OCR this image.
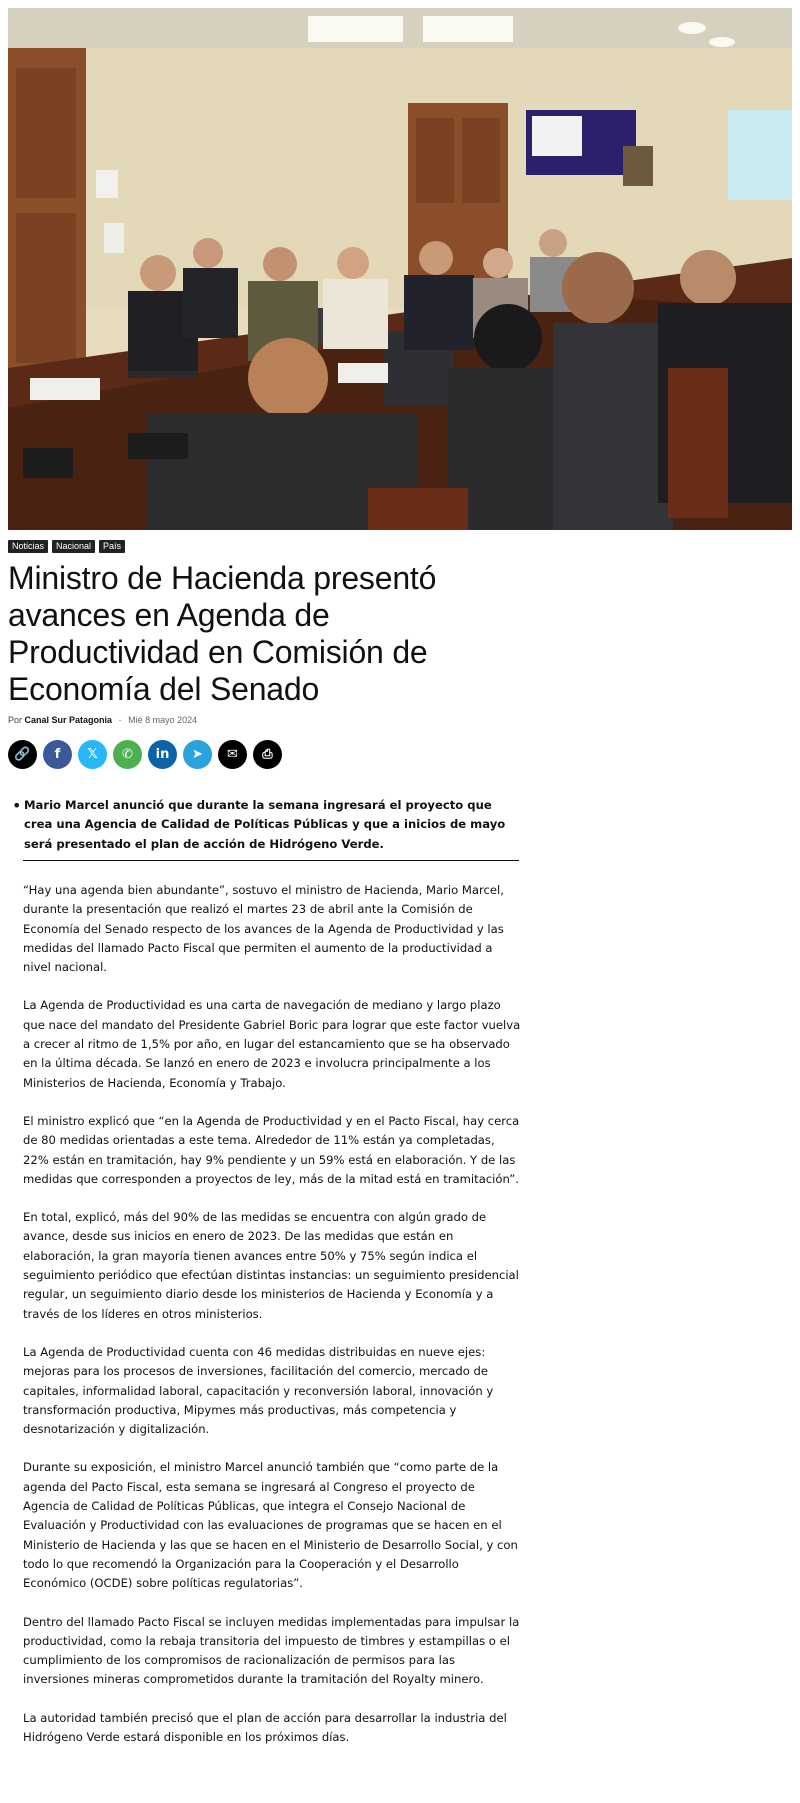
Noticias	Nacional	País
Ministro de Hacienda presentó avances en Agenda de Productividad en Comisión de Economía del Senado
Por Canal Sur Patagonia - Mié 8 mayo 2024
🔗 f 𝕏 ✆ in ➤ ✉ ⎙
• Mario Marcel anunció que durante la semana ingresará el proyecto que crea una Agencia de Calidad de Políticas Públicas y que a inicios de mayo será presentado el plan de acción de Hidrógeno Verde.

“Hay una agenda bien abundante”, sostuvo el ministro de Hacienda, Mario Marcel, durante la presentación que realizó el martes 23 de abril ante la Comisión de Economía del Senado respecto de los avances de la Agenda de Productividad y las medidas del llamado Pacto Fiscal que permiten el aumento de la productividad a nivel nacional.

La Agenda de Productividad es una carta de navegación de mediano y largo plazo que nace del mandato del Presidente Gabriel Boric para lograr que este factor vuelva a crecer al ritmo de 1,5% por año, en lugar del estancamiento que se ha observado en la última década. Se lanzó en enero de 2023 e involucra principalmente a los Ministerios de Hacienda, Economía y Trabajo.

El ministro explicó que “en la Agenda de Productividad y en el Pacto Fiscal, hay cerca de 80 medidas orientadas a este tema. Alrededor de 11% están ya completadas, 22% están en tramitación, hay 9% pendiente y un 59% está en elaboración. Y de las medidas que corresponden a proyectos de ley, más de la mitad está en tramitación”.

En total, explicó, más del 90% de las medidas se encuentra con algún grado de avance, desde sus inicios en enero de 2023. De las medidas que están en elaboración, la gran mayoría tienen avances entre 50% y 75% según indica el seguimiento periódico que efectúan distintas instancias: un seguimiento presidencial regular, un seguimiento diario desde los ministerios de Hacienda y Economía y a través de los líderes en otros ministerios.

La Agenda de Productividad cuenta con 46 medidas distribuidas en nueve ejes: mejoras para los procesos de inversiones, facilitación del comercio, mercado de capitales, informalidad laboral, capacitación y reconversión laboral, innovación y transformación productiva, Mipymes más productivas, más competencia y desnotarización y digitalización.

Durante su exposición, el ministro Marcel anunció también que “como parte de la agenda del Pacto Fiscal, esta semana se ingresará al Congreso el proyecto de Agencia de Calidad de Políticas Públicas, que integra el Consejo Nacional de Evaluación y Productividad con las evaluaciones de programas que se hacen en el Ministerio de Hacienda y las que se hacen en el Ministerio de Desarrollo Social, y con todo lo que recomendó la Organización para la Cooperación y el Desarrollo Económico (OCDE) sobre políticas regulatorias”.

Dentro del llamado Pacto Fiscal se incluyen medidas implementadas para impulsar la productividad, como la rebaja transitoria del impuesto de timbres y estampillas o el cumplimiento de los compromisos de racionalización de permisos para las inversiones mineras comprometidos durante la tramitación del Royalty minero.

La autoridad también precisó que el plan de acción para desarrollar la industria del Hidrógeno Verde estará disponible en los próximos días.
